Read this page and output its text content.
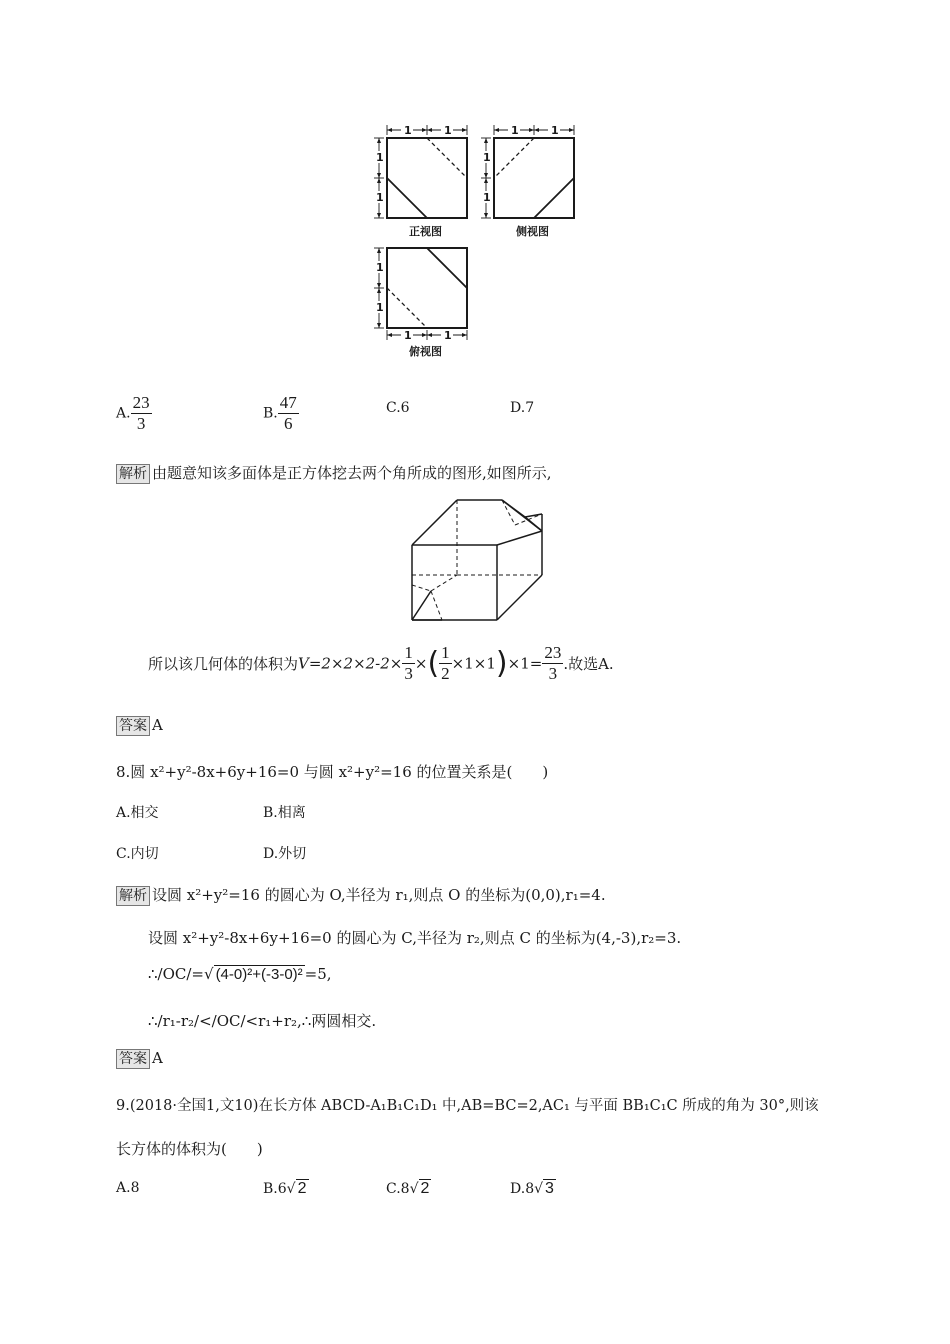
1	1	1	1
1
1
1
1
1
1
1	1
正视图	侧视图
俯视图
A. $\frac{23}{3}$	B. $\frac{47}{6}$	C.6	D.7
解析 由题意知该多面体是正方体挖去两个角所成的图形,如图所示,
所以该几何体的体积为$V=2\times 2\times 2-2\times \frac{1}{3}$ ×( $\frac{1}{2} \times 1\times 1)\times 1= \frac{23}{3}$ .故选A.
答案 A
8.圆 x²+y²-8x+6y+16=0 与圆 x²+y²=16 的位置关系是(　　)
A.相交	B.相离
C.内切	D.外切
解析 设圆 x²+y²=16 的圆心为 O,半径为 r₁,则点 O 的坐标为(0,0),r₁=4.
设圆 x²+y²-8x+6y+16=0 的圆心为 C,半径为 r₂,则点 C 的坐标为(4,-3),r₂=3.
∴/OC/=√ (4-0)²+(-3-0)² =5,
∴/r₁-r₂/</OC/<r₁+r₂,∴两圆相交.
答案 A
9.(2018·全国1,文10)在长方体 ABCD-A₁B₁C₁D₁ 中,AB=BC=2,AC₁ 与平面 BB₁C₁C 所成的角为 30°,则该
长方体的体积为(　　)
A.8	B.6√ 2	C.8√ 2	D.8√ 3
